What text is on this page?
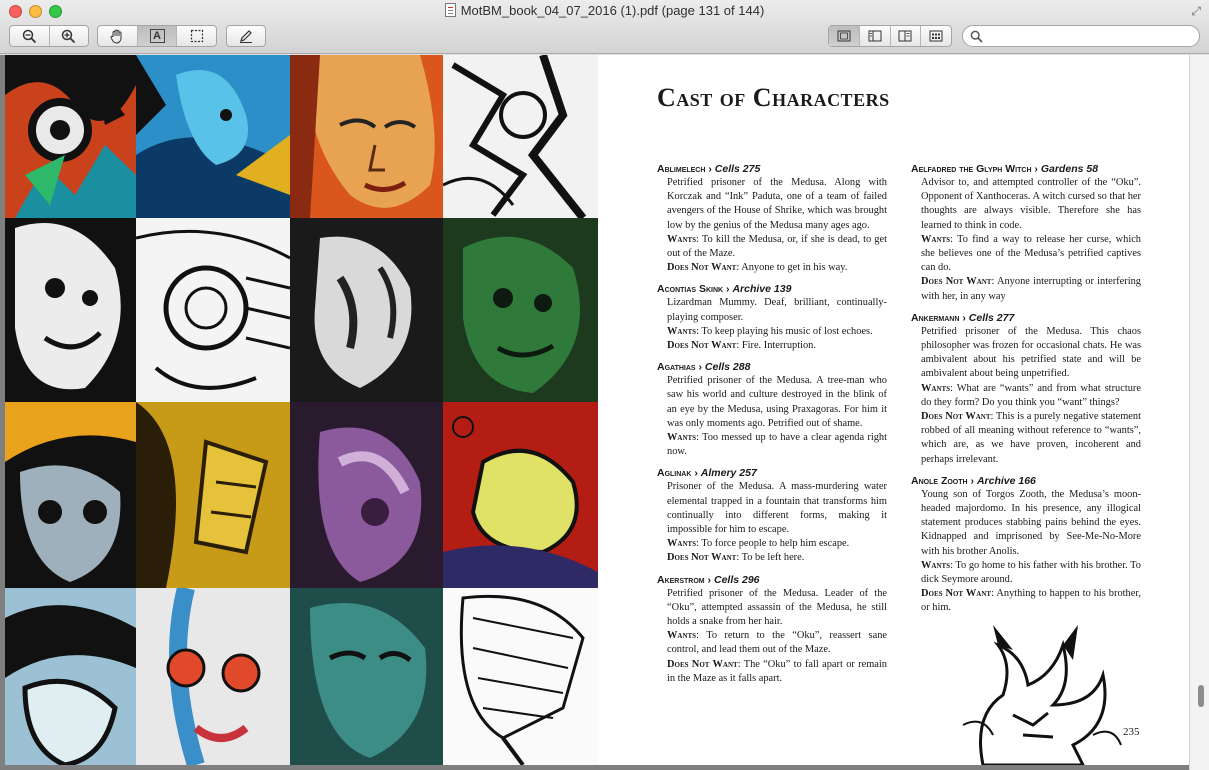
MotBM_book_04_07_2016 (1).pdf (page 131 of 144)	⤢
A
Cast of Characters
Ablimelech › Cells 275

Petrified prisoner of the Medusa. Along with Korczak and “Ink” Paduta, one of a team of failed avengers of the House of Shrike, which was brought low by the genius of the Medusa many ages ago.

Wants: To kill the Medusa, or, if she is dead, to get out of the Maze.

Does Not Want: Anyone to get in his way.

Acontias Skink › Archive 139

Lizardman Mummy. Deaf, brilliant, continually-playing composer.

Wants: To keep playing his music of lost echoes.

Does Not Want: Fire. Interruption.

Agathias › Cells 288

Petrified prisoner of the Medusa. A tree-man who saw his world and culture destroyed in the blink of an eye by the Medusa, using Praxagoras. For him it was only moments ago. Petrified out of shame.

Wants: Too messed up to have a clear agenda right now.

Aglinak › Almery 257

Prisoner of the Medusa. A mass-murdering water elemental trapped in a fountain that transforms him continually into different forms, making it impossible for him to escape.

Wants: To force people to help him escape.

Does Not Want: To be left here.

Akerstrom › Cells 296

Petrified prisoner of the Medusa. Leader of the “Oku”, attempted assassin of the Medusa, he still holds a snake from her hair.

Wants: To return to the “Oku”, reassert sane control, and lead them out of the Maze.

Does Not Want: The “Oku” to fall apart or remain in the Maze as it falls apart.

Aelfadred the Glyph Witch › Gardens 58

Advisor to, and attempted controller of the “Oku”. Opponent of Xanthoceras. A witch cursed so that her thoughts are always visible. Therefore she has learned to think in code.

Wants: To find a way to release her curse, which she believes one of the Medusa’s petrified captives can do.

Does Not Want: Anyone interrupting or interfering with her, in any way

Ankermann › Cells 277

Petrified prisoner of the Medusa. This chaos philosopher was frozen for occasional chats. He was ambivalent about his petrified state and will be ambivalent about being unpetrified.

Wants: What are “wants” and from what structure do they form? Do you think you “want” things?

Does Not Want: This is a purely negative statement robbed of all meaning without reference to “wants”, which are, as we have proven, incoherent and perhaps irrelevant.

Anole Zooth › Archive 166

Young son of Torgos Zooth, the Medusa’s moon-headed majordomo. In his presence, any illogical statement produces stabbing pains behind the eyes. Kidnapped and imprisoned by See-Me-No-More with his brother Anolis.

Wants: To go home to his father with his brother. To dick Seymore around.

Does Not Want: Anything to happen to his brother, or him.

235
